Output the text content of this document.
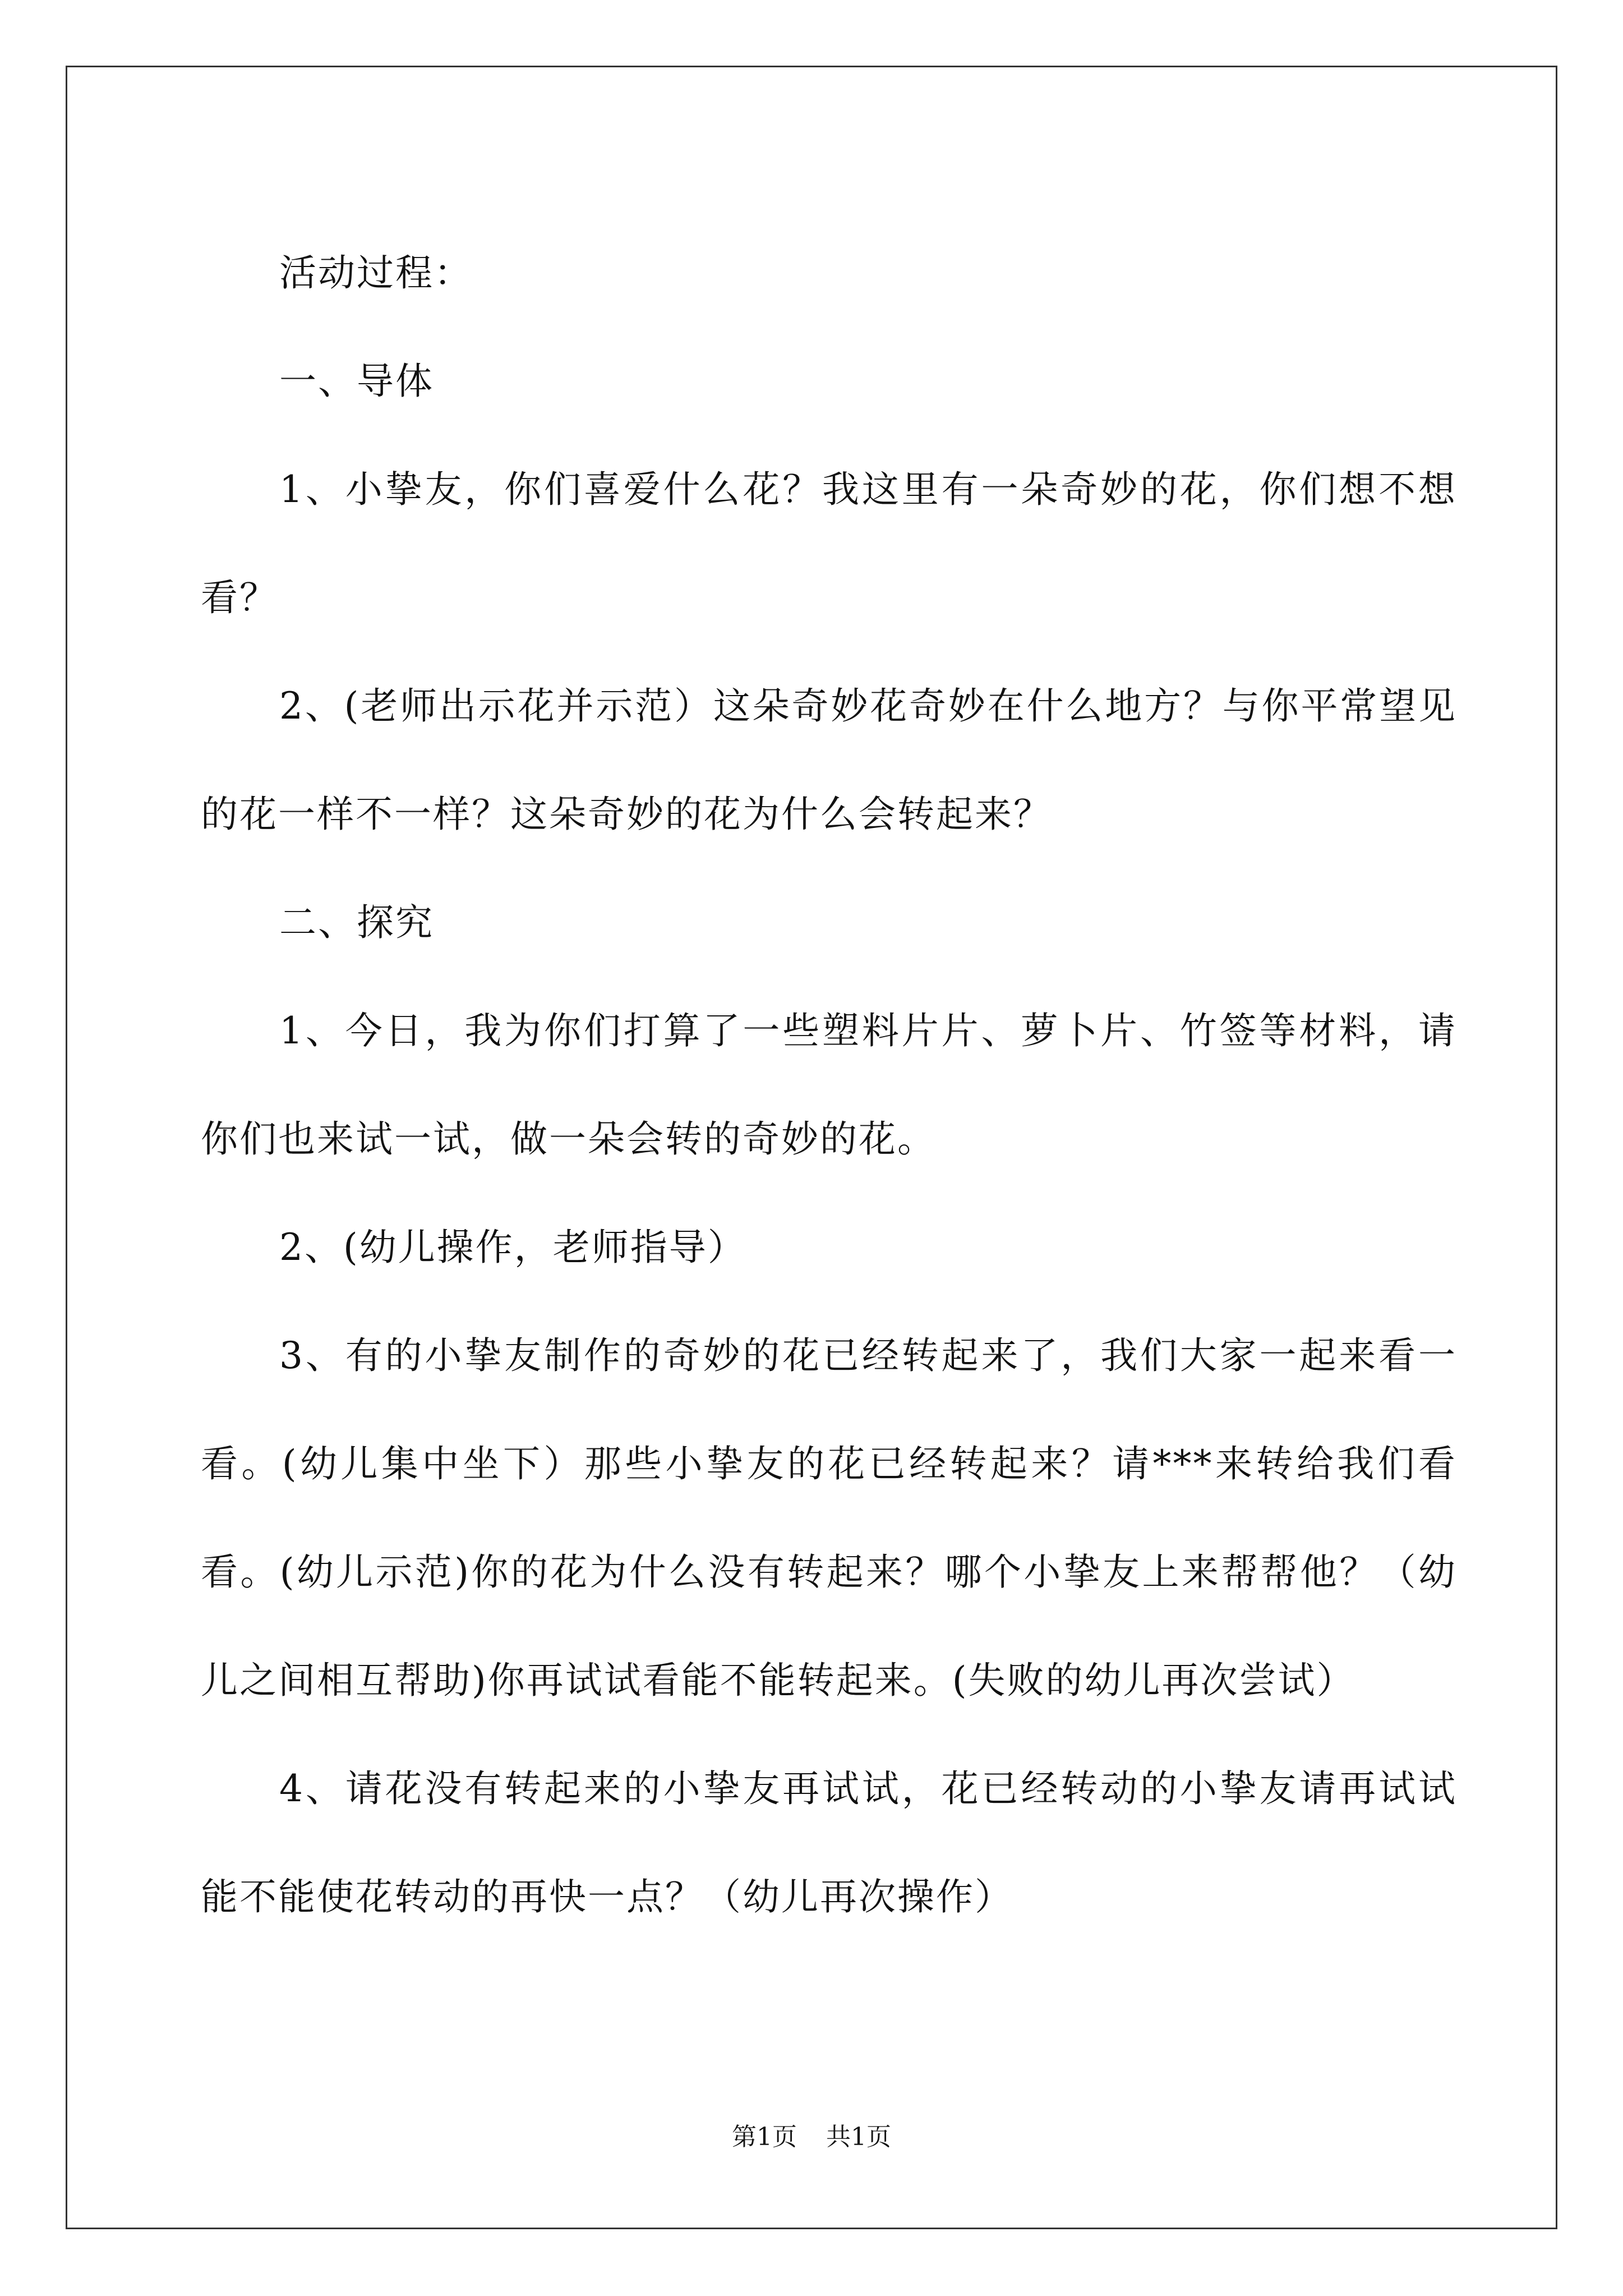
活动过程：

一、导体

1、小挚友，你们喜爱什么花？我这里有一朵奇妙的花，你们想不想看？

2、(老师出示花并示范）这朵奇妙花奇妙在什么地方？与你平常望见的花一样不一样？这朵奇妙的花为什么会转起来？

二、探究

1、今日，我为你们打算了一些塑料片片、萝卜片、竹签等材料，请你们也来试一试，做一朵会转的奇妙的花。

2、(幼儿操作，老师指导）

3、有的小挚友制作的奇妙的花已经转起来了，我们大家一起来看一看。(幼儿集中坐下）那些小挚友的花已经转起来？请***来转给我们看看。(幼儿示范)你的花为什么没有转起来？哪个小挚友上来帮帮他？（幼儿之间相互帮助)你再试试看能不能转起来。(失败的幼儿再次尝试）

4、请花没有转起来的小挚友再试试，花已经转动的小挚友请再试试能不能使花转动的再快一点？（幼儿再次操作）

第1页 共1页
